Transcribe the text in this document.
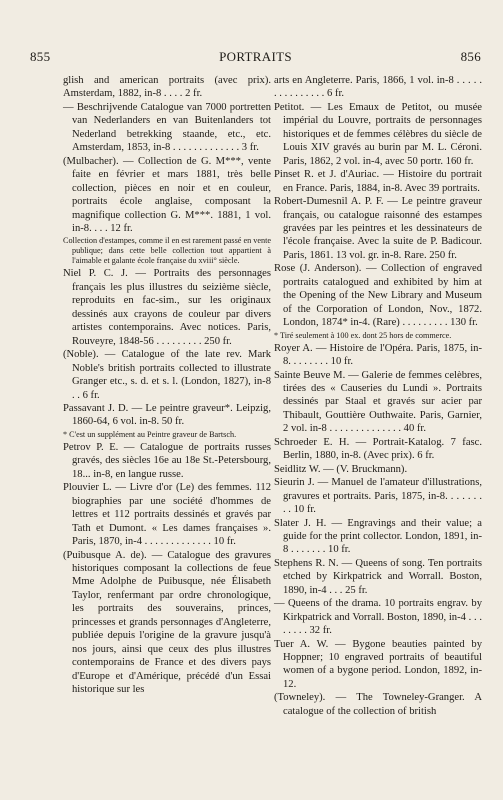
855	PORTRAITS	856
glish and american portraits (avec prix). Amsterdam, 1882, in-8 . . . . 2 fr.
— Beschrijvende Catalogue van 7000 portretten van Nederlanders en van Buitenlanders tot Nederland betrekking staande, etc., etc. Amsterdam, 1853, in-8 . . . . . . . . . . . . . 3 fr.
(Mulbacher). — Collection de G. M***, vente faite en février et mars 1881, très belle collection, pièces en noir et en couleur, portraits école anglaise, composant la magnifique collection G. M***. 1881, 1 vol. in-8. . . . 12 fr.
Collection d'estampes, comme il en est rarement passé en vente publique; dans cette belle collection tout appartient à l'aimable et galante école française du xviii° siècle.
Niel P. C. J. — Portraits des personnages français les plus illustres du seizième siècle, reproduits en fac-sim., sur les originaux dessinés aux crayons de couleur par divers artistes contemporains. Avec notices. Paris, Rouveyre, 1848-56 . . . . . . . . . 250 fr.
(Noble). — Catalogue of the late rev. Mark Noble's british portraits collected to illustrate Granger etc., s. d. et s. l. (London, 1827), in-8 . . 6 fr.
Passavant J. D. — Le peintre graveur*. Leipzig, 1860-64, 6 vol. in-8. 50 fr.
* C'est un supplément au Peintre graveur de Bartsch.
Petrov P. E. — Catalogue de portraits russes gravés, des siècles 16e au 18e St.-Petersbourg, 18... in-8, en langue russe.
Plouvier L. — Livre d'or (Le) des femmes. 112 biographies par une société d'hommes de lettres et 112 portraits dessinés et gravés par Tath et Dumont. « Les dames françaises ». Paris, 1870, in-4 . . . . . . . . . . . . . 10 fr.
(Puibusque A. de). — Catalogue des gravures historiques composant la collections de feue Mme Adolphe de Puibusque, née Élisabeth Taylor, renfermant par ordre chronologique, les portraits des souverains, princes, princesses et grands personnages d'Angleterre, publiée depuis l'origine de la gravure jusqu'à nos jours, ainsi que ceux des plus illustres contemporains de France et des divers pays d'Europe et d'Amérique, précédé d'un Essai historique sur les
arts en Angleterre. Paris, 1866, 1 vol. in-8 . . . . . . . . . . . . . . . 6 fr.
Petitot. — Les Emaux de Petitot, ou musée impérial du Louvre, portraits de personnages historiques et de femmes célèbres du siècle de Louis XIV gravés au burin par M. L. Céroni. Paris, 1862, 2 vol. in-4, avec 50 portr. 160 fr.
Pinset R. et J. d'Auriac. — Histoire du portrait en France. Paris, 1884, in-8. Avec 39 portraits.
Robert-Dumesnil A. P. F. — Le peintre graveur français, ou catalogue raisonné des estampes gravées par les peintres et les dessinateurs de l'école française. Avec la suite de P. Badicour. Paris, 1861. 13 vol. gr. in-8. Rare. 250 fr.
Rose (J. Anderson). — Collection of engraved portraits catalogued and exhibited by him at the Opening of the New Library and Museum of the Corporation of London, Nov., 1872. London, 1874* in-4. (Rare) . . . . . . . . . 130 fr.
* Tiré seulement à 100 ex. dont 25 hors de commerce.
Royer A. — Histoire de l'Opéra. Paris, 1875, in-8. . . . . . . . 10 fr.
Sainte Beuve M. — Galerie de femmes celèbres, tirées des « Causeries du Lundi ». Portraits dessinés par Staal et gravés sur acier par Thibault, Gouttière Outhwaite. Paris, Garnier, 2 vol. in-8 . . . . . . . . . . . . . . 40 fr.
Schroeder E. H. — Portrait-Katalog. 7 fasc. Berlin, 1880, in-8. (Avec prix). 6 fr.
Seidlitz W. — (V. Bruckmann).
Sieurin J. — Manuel de l'amateur d'illustrations, gravures et portraits. Paris, 1875, in-8. . . . . . . . . 10 fr.
Slater J. H. — Engravings and their value; a guide for the print collector. London, 1891, in-8 . . . . . . . 10 fr.
Stephens R. N. — Queens of song. Ten portraits etched by Kirkpatrick and Worrall. Boston, 1890, in-4 . . . 25 fr.
— Queens of the drama. 10 portraits engrav. by Kirkpatrick and Vorrall. Boston, 1890, in-4 . . . . . . . . 32 fr.
Tuer A. W. — Bygone beauties painted by Hoppner; 10 engraved portraits of beautiful women of a bygone period. London, 1892, in-12.
(Towneley). — The Towneley-Granger. A catalogue of the collection of british
